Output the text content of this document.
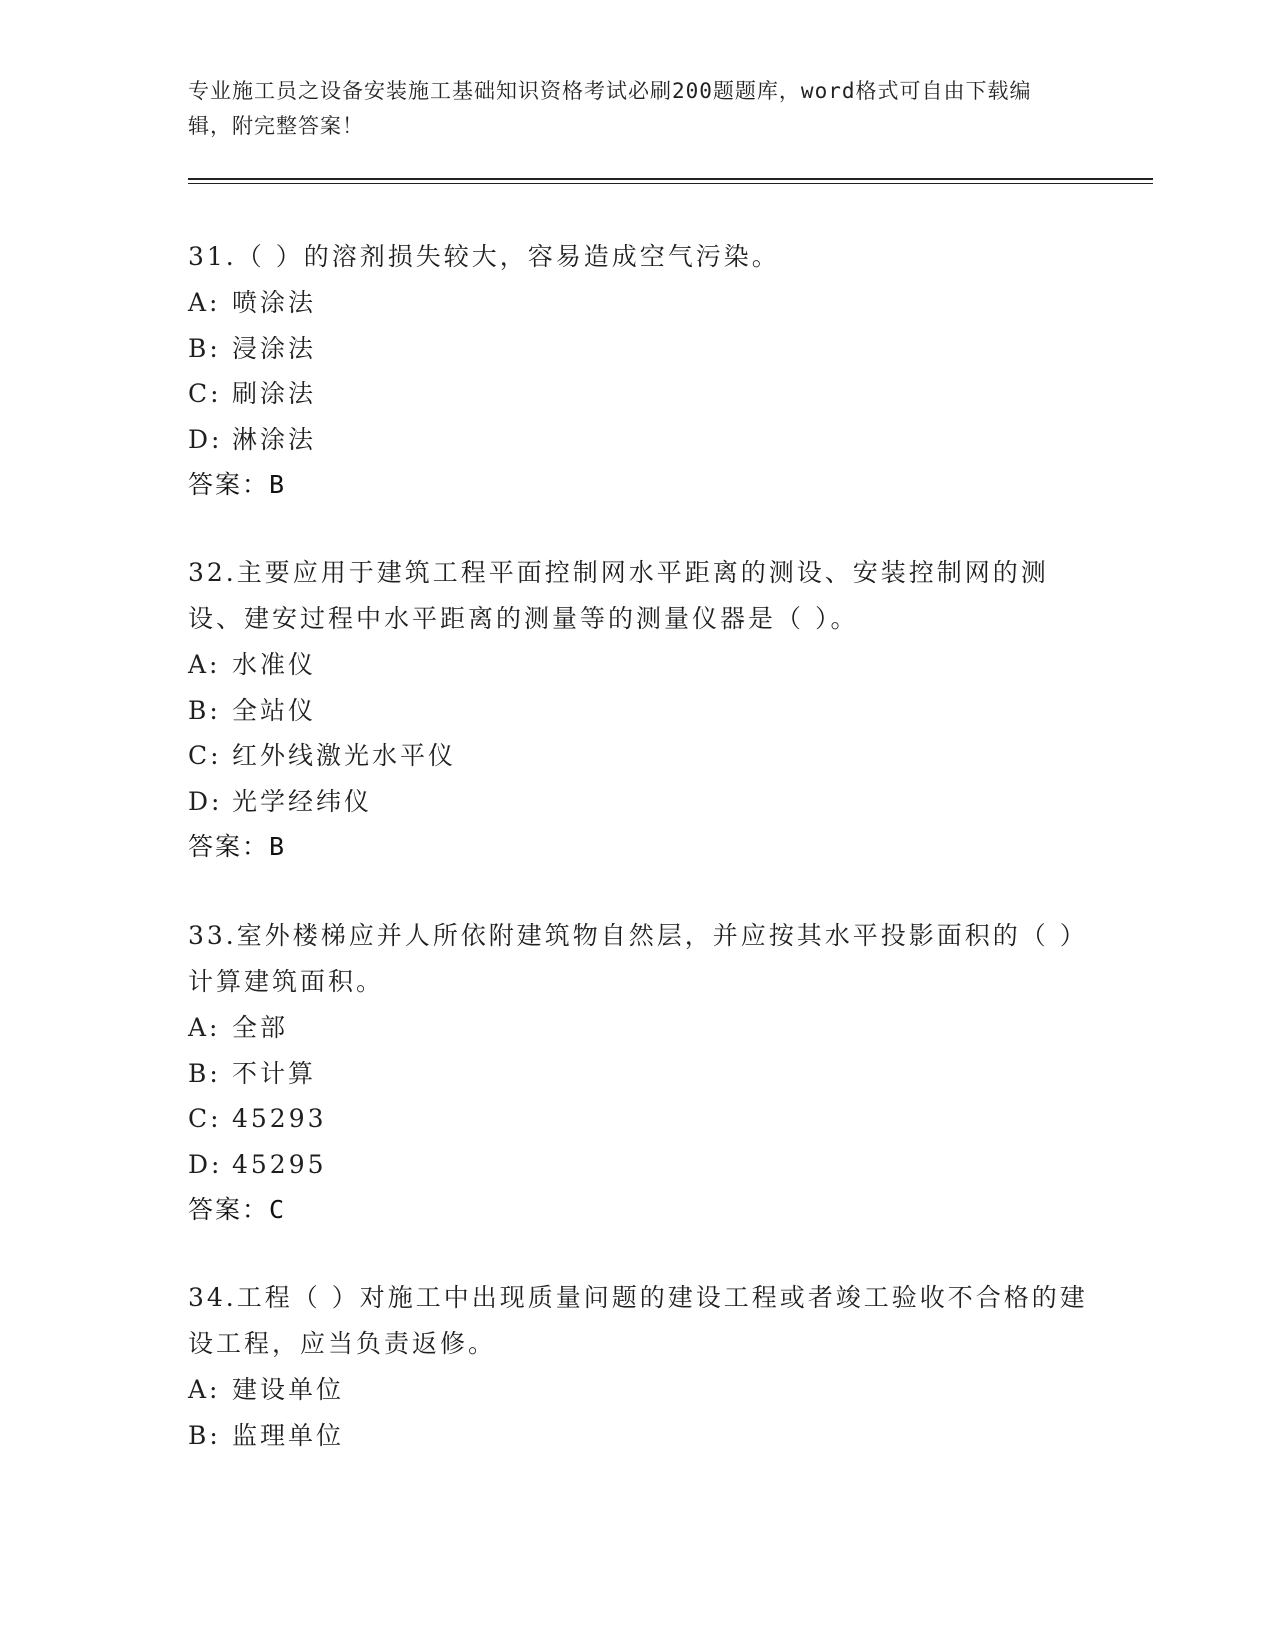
专业施工员之设备安装施工基础知识资格考试必刷200题题库，word格式可自由下载编辑，附完整答案！
31.（ ）的溶剂损失较大，容易造成空气污染。
A: 喷涂法
B: 浸涂法
C: 刷涂法
D: 淋涂法
答案：B
32.主要应用于建筑工程平面控制网水平距离的测设、安装控制网的测设、建安过程中水平距离的测量等的测量仪器是（ ）。
A: 水准仪
B: 全站仪
C: 红外线激光水平仪
D: 光学经纬仪
答案：B
33.室外楼梯应并人所依附建筑物自然层，并应按其水平投影面积的（ ）计算建筑面积。
A: 全部
B: 不计算
C: 45293
D: 45295
答案：C
34.工程（ ）对施工中出现质量问题的建设工程或者竣工验收不合格的建设工程，应当负责返修。
A: 建设单位
B: 监理单位
